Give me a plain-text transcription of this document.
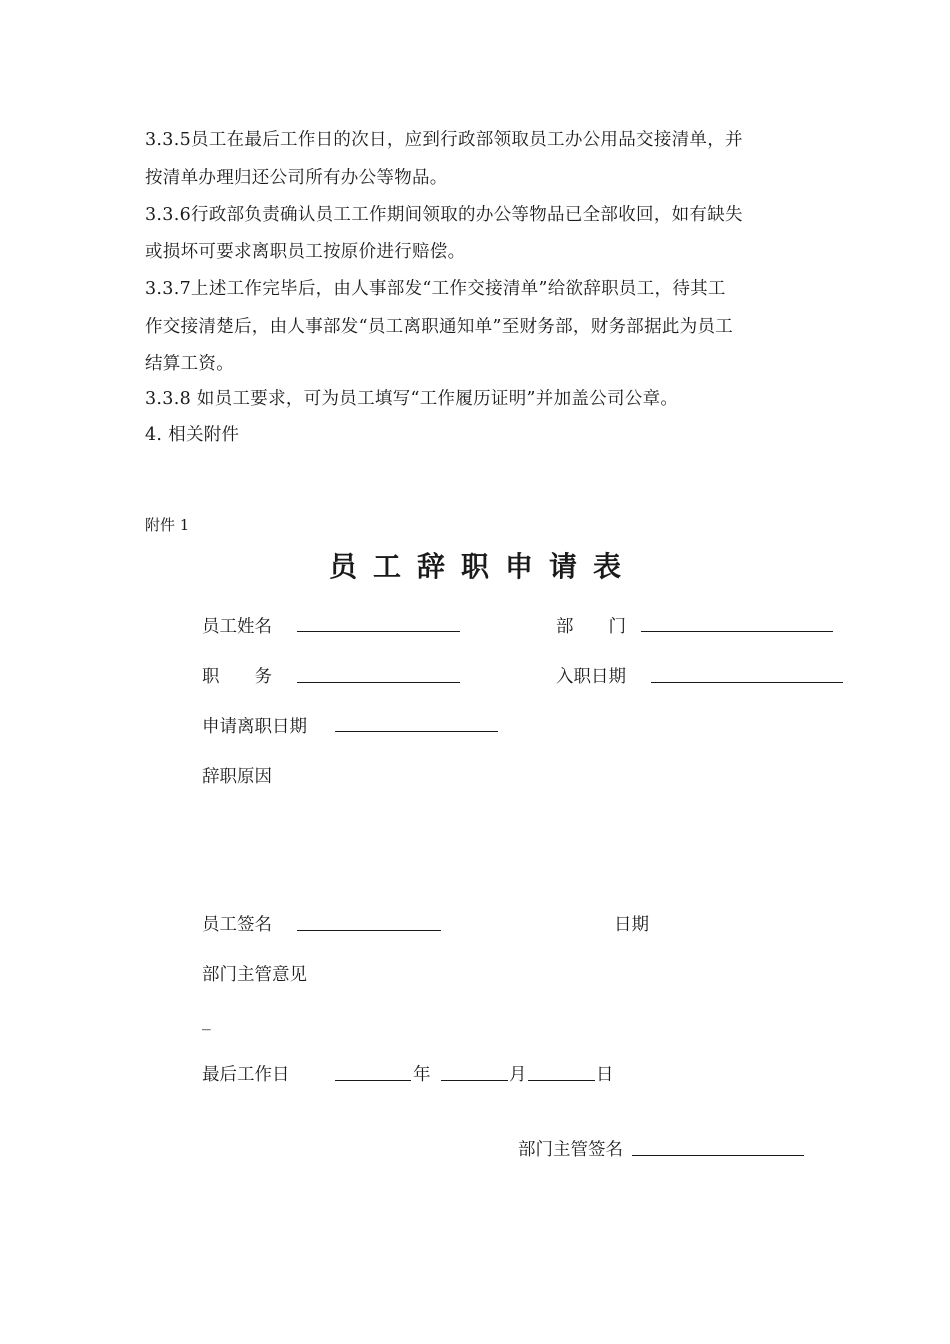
3.3.5员工在最后工作日的次日，应到行政部领取员工办公用品交接清单，并

按清单办理归还公司所有办公等物品。

3.3.6行政部负责确认员工工作期间领取的办公等物品已全部收回，如有缺失

或损坏可要求离职员工按原价进行赔偿。

3.3.7上述工作完毕后，由人事部发“工作交接清单”给欲辞职员工，待其工

作交接清楚后，由人事部发“员工离职通知单”至财务部，财务部据此为员工

结算工资。

3.3.8 如员工要求，可为员工填写“工作履历证明”并加盖公司公章。

4. 相关附件

附件 1

员工辞职申请表
员工姓名	部　　门
职　　务	入职日期
申请离职日期
辞职原因
员工签名	日期
部门主管意见
_
最后工作日	年	月	日
部门主管签名
